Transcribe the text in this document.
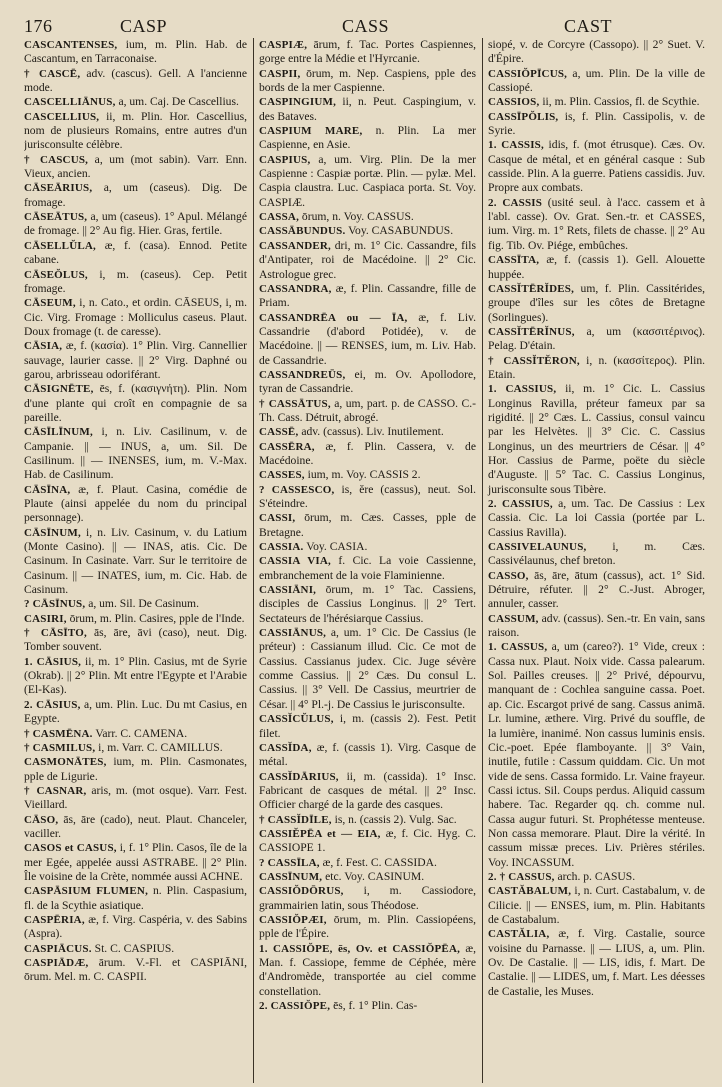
176	CASP	CASS	CAST

CASCANTENSES, ium, m. Plin. Hab. de Cascantum, en Tarraconaise.

† CASCĒ, adv. (cascus). Gell. A l'ancienne mode.

CASCELLIĀNUS, a, um. Caj. De Cascellius.

CASCELLIUS, ii, m. Plin. Hor. Cascellius, nom de plusieurs Romains, entre autres d'un jurisconsulte célèbre.

† CASCUS, a, um (mot sabin). Varr. Enn. Vieux, ancien.

CĀSEĀRIUS, a, um (caseus). Dig. De fromage.

CĀSEĀTUS, a, um (caseus). 1° Apul. Mélangé de fromage. || 2° Au fig. Hier. Gras, fertile.

CĀSELLŬLA, æ, f. (casa). Ennod. Petite cabane.

CĀSEŎLUS, i, m. (caseus). Cep. Petit fromage.

CĀSEUM, i, n. Cato., et ordin. CĀSEUS, i, m. Cic. Virg. Fromage : Molliculus caseus. Plaut. Doux fromage (t. de caresse).

CĀSIA, æ, f. (κασία). 1° Plin. Virg. Cannellier sauvage, laurier casse. || 2° Virg. Daphné ou garou, arbrisseau odoriférant.

CĀSIGNĒTE, ēs, f. (κασιγνήτη). Plin. Nom d'une plante qui croît en compagnie de sa pareille.

CĀSĪLĪNUM, i, n. Liv. Casilinum, v. de Campanie. || — INUS, a, um. Sil. De Casilinum. || — INENSES, ium, m. V.-Max. Hab. de Casilinum.

CĀSĪNA, æ, f. Plaut. Casina, comédie de Plaute (ainsi appelée du nom du principal personnage).

CĀSĪNUM, i, n. Liv. Casinum, v. du Latium (Monte Casino). || — INAS, atis. Cic. De Casinum. In Casinate. Varr. Sur le territoire de Casinum. || — INATES, ium, m. Cic. Hab. de Casinum.

? CĀSĪNUS, a, um. Sil. De Casinum.

CASIRI, ōrum, m. Plin. Casires, pple de l'Inde.

† CĀSĪTO, ās, āre, āvi (caso), neut. Dig. Tomber souvent.

1. CĀSIUS, ii, m. 1° Plin. Casius, mt de Syrie (Okrab). || 2° Plin. Mt entre l'Egypte et l'Arabie (El-Kas).

2. CĀSIUS, a, um. Plin. Luc. Du mt Casius, en Egypte.

† CASMĒNA. Varr. C. CAMENA.

† CASMILUS, i, m. Varr. C. CAMILLUS.

CASMONĀTES, ium, m. Plin. Casmonates, pple de Ligurie.

† CASNAR, aris, m. (mot osque). Varr. Fest. Vieillard.

CĀSO, ās, āre (cado), neut. Plaut. Chanceler, vaciller.

CASOS et CASUS, i, f. 1° Plin. Casos, île de la mer Egée, appelée aussi ASTRABE. || 2° Plin. Île voisine de la Crète, nommée aussi ACHNE.

CASPĀSIUM FLUMEN, n. Plin. Caspasium, fl. de la Scythie asiatique.

CASPĒRIA, æ, f. Virg. Caspéria, v. des Sabins (Aspra).

CASPIĀCUS. St. C. CASPIUS.

CASPIĀDÆ, ārum. V.-Fl. et CASPIĀNI, ōrum. Mel. m. C. CASPII.

CASPIÆ, ārum, f. Tac. Portes Caspiennes, gorge entre la Médie et l'Hyrcanie.

CASPII, ōrum, m. Nep. Caspiens, pple des bords de la mer Caspienne.

CASPINGIUM, ii, n. Peut. Caspingium, v. des Bataves.

CASPIUM MARE, n. Plin. La mer Caspienne, en Asie.

CASPIUS, a, um. Virg. Plin. De la mer Caspienne : Caspiæ portæ. Plin. — pylæ. Mel. Caspia claustra. Luc. Caspiaca porta. St. Voy. CASPIÆ.

CASSA, ōrum, n. Voy. CASSUS.

CASSĀBUNDUS. Voy. CASABUNDUS.

CASSANDER, dri, m. 1° Cic. Cassandre, fils d'Antipater, roi de Macédoine. || 2° Cic. Astrologue grec.

CASSANDRA, æ, f. Plin. Cassandre, fille de Priam.

CASSANDRĒA ou — ĪA, æ, f. Liv. Cassandrie (d'abord Potidée), v. de Macédoine. || — RENSES, ium, m. Liv. Hab. de Cassandrie.

CASSANDREŪS, ei, m. Ov. Apollodore, tyran de Cassandrie.

† CASSĀTUS, a, um, part. p. de CASSO. C.-Th. Cass. Détruit, abrogé.

CASSĒ, adv. (cassus). Liv. Inutilement.

CASSĒRA, æ, f. Plin. Cassera, v. de Macédoine.

CASSES, ium, m. Voy. CASSIS 2.

? CASSESCO, is, ĕre (cassus), neut. Sol. S'éteindre.

CASSI, ōrum, m. Cæs. Casses, pple de Bretagne.

CASSIA. Voy. CASIA.

CASSIA VIA, f. Cic. La voie Cassienne, embranchement de la voie Flaminienne.

CASSIĀNI, ōrum, m. 1° Tac. Cassiens, disciples de Cassius Longinus. || 2° Tert. Sectateurs de l'hérésiarque Cassius.

CASSIĀNUS, a, um. 1° Cic. De Cassius (le préteur) : Cassianum illud. Cic. Ce mot de Cassius. Cassianus judex. Cic. Juge sévère comme Cassius. || 2° Cæs. Du consul L. Cassius. || 3° Vell. De Cassius, meurtrier de César. || 4° Pl.-j. De Cassius le jurisconsulte.

CASSĬCŬLUS, i, m. (cassis 2). Fest. Petit filet.

CASSĬDA, æ, f. (cassis 1). Virg. Casque de métal.

CASSĬDĀRIUS, ii, m. (cassida). 1° Insc. Fabricant de casques de métal. || 2° Insc. Officier chargé de la garde des casques.

† CASSĬDĪLE, is, n. (cassis 2). Vulg. Sac.

CASSIĔPĒA et — EIA, æ, f. Cic. Hyg. C. CASSIOPE 1.

? CASSĪLA, æ, f. Fest. C. CASSIDA.

CASSĪNUM, etc. Voy. CASINUM.

CASSIŎDŌRUS, i, m. Cassiodore, grammairien latin, sous Théodose.

CASSIŎPÆI, ōrum, m. Plin. Cassiopéens, pple de l'Épire.

1. CASSIŎPE, ēs, Ov. et CASSIŎPĒA, æ, Man. f. Cassiope, femme de Céphée, mère d'Andromède, transportée au ciel comme constellation.

2. CASSIŎPE, ēs, f. 1° Plin. Cas-

siopé, v. de Corcyre (Cassopo). || 2° Suet. V. d'Épire.

CASSIŎPĪCUS, a, um. Plin. De la ville de Cassiopé.

CASSIOS, ii, m. Plin. Cassios, fl. de Scythie.

CASSĪPŎLIS, is, f. Plin. Cassipolis, v. de Syrie.

1. CASSIS, idis, f. (mot étrusque). Cæs. Ov. Casque de métal, et en général casque : Sub casside. Plin. A la guerre. Patiens cassidis. Juv. Propre aux combats.

2. CASSIS (usité seul. à l'acc. cassem et à l'abl. casse). Ov. Grat. Sen.-tr. et CASSES, ium. Virg. m. 1° Rets, filets de chasse. || 2° Au fig. Tib. Ov. Piége, embûches.

CASSĪTA, æ, f. (cassis 1). Gell. Alouette huppée.

CASSĬTĒRĬDES, um, f. Plin. Cassitérides, groupe d'îles sur les côtes de Bretagne (Sorlingues).

CASSĬTĒRĬNUS, a, um (κασσιτέρινος). Pelag. D'étain.

† CASSĬTĔRON, i, n. (κασσίτερος). Plin. Etain.

1. CASSIUS, ii, m. 1° Cic. L. Cassius Longinus Ravilla, préteur fameux par sa rigidité. || 2° Cæs. L. Cassius, consul vaincu par les Helvètes. || 3° Cic. C. Cassius Longinus, un des meurtriers de César. || 4° Hor. Cassius de Parme, poëte du siècle d'Auguste. || 5° Tac. C. Cassius Longinus, jurisconsulte sous Tibère.

2. CASSIUS, a, um. Tac. De Cassius : Lex Cassia. Cic. La loi Cassia (portée par L. Cassius Ravilla).

CASSIVELAUNUS, i, m. Cæs. Cassivélaunus, chef breton.

CASSO, ās, āre, ātum (cassus), act. 1° Sid. Détruire, réfuter. || 2° C.-Just. Abroger, annuler, casser.

CASSUM, adv. (cassus). Sen.-tr. En vain, sans raison.

1. CASSUS, a, um (careo?). 1° Vide, creux : Cassa nux. Plaut. Noix vide. Cassa palearum. Sol. Pailles creuses. || 2° Privé, dépourvu, manquant de : Cochlea sanguine cassa. Poet. ap. Cic. Escargot privé de sang. Cassus animā. Lr. lumine, æthere. Virg. Privé du souffle, de la lumière, inanimé. Non cassus luminis ensis. Cic.-poet. Epée flamboyante. || 3° Vain, inutile, futile : Cassum quiddam. Cic. Un mot vide de sens. Cassa formido. Lr. Vaine frayeur. Cassi ictus. Sil. Coups perdus. Aliquid cassum habere. Tac. Regarder qq. ch. comme nul. Cassa augur futuri. St. Prophétesse menteuse. Non cassa memorare. Plaut. Dire la vérité. In cassum missæ preces. Liv. Prières stériles. Voy. INCASSUM.

2. † CASSUS, arch. p. CASUS.

CASTĂBALUM, i, n. Curt. Castabalum, v. de Cilicie. || — ENSES, ium, m. Plin. Habitants de Castabalum.

CASTĂLIA, æ, f. Virg. Castalie, source voisine du Parnasse. || — LIUS, a, um. Plin. Ov. De Castalie. || — LIS, idis, f. Mart. De Castalie. || — LIDES, um, f. Mart. Les déesses de Castalie, les Muses.
